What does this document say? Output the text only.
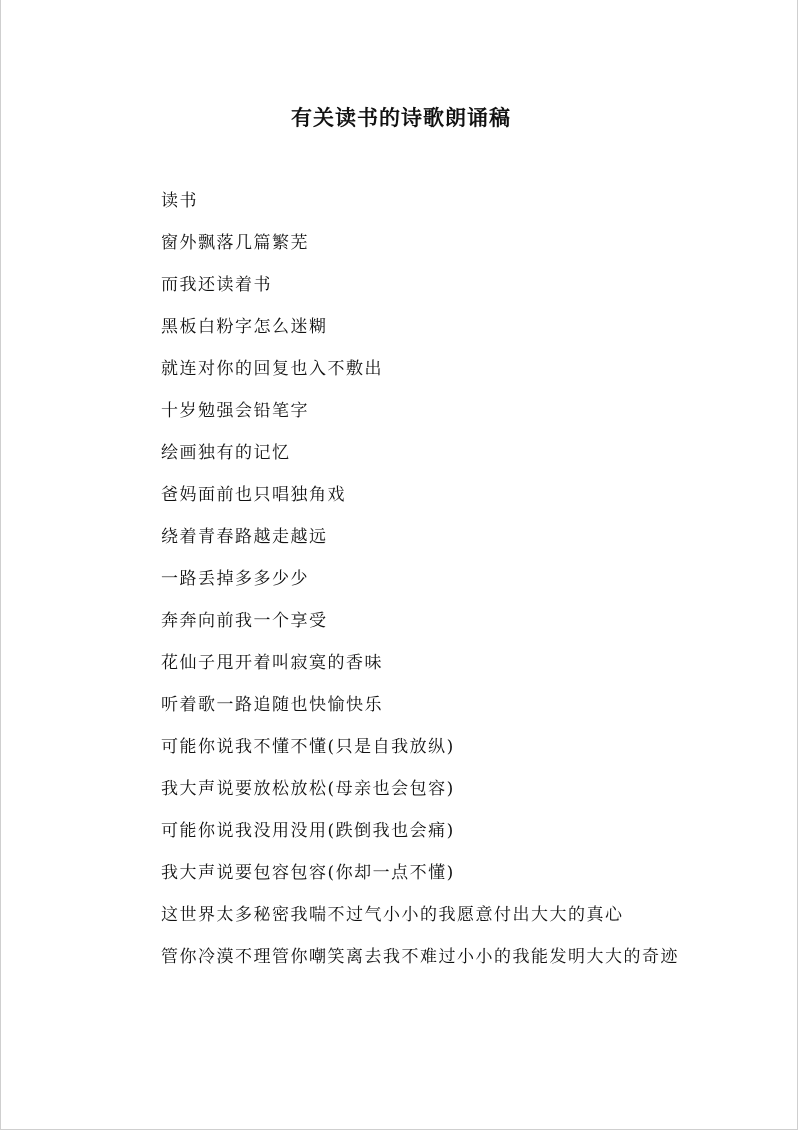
有关读书的诗歌朗诵稿
读书
窗外飘落几篇繁芜
而我还读着书
黑板白粉字怎么迷糊
就连对你的回复也入不敷出
十岁勉强会铅笔字
绘画独有的记忆
爸妈面前也只唱独角戏
绕着青春路越走越远
一路丢掉多多少少
奔奔向前我一个享受
花仙子甩开着叫寂寞的香味
听着歌一路追随也快愉快乐
可能你说我不懂不懂(只是自我放纵)
我大声说要放松放松(母亲也会包容)
可能你说我没用没用(跌倒我也会痛)
我大声说要包容包容(你却一点不懂)
这世界太多秘密我喘不过气小小的我愿意付出大大的真心
管你冷漠不理管你嘲笑离去我不难过小小的我能发明大大的奇迹
